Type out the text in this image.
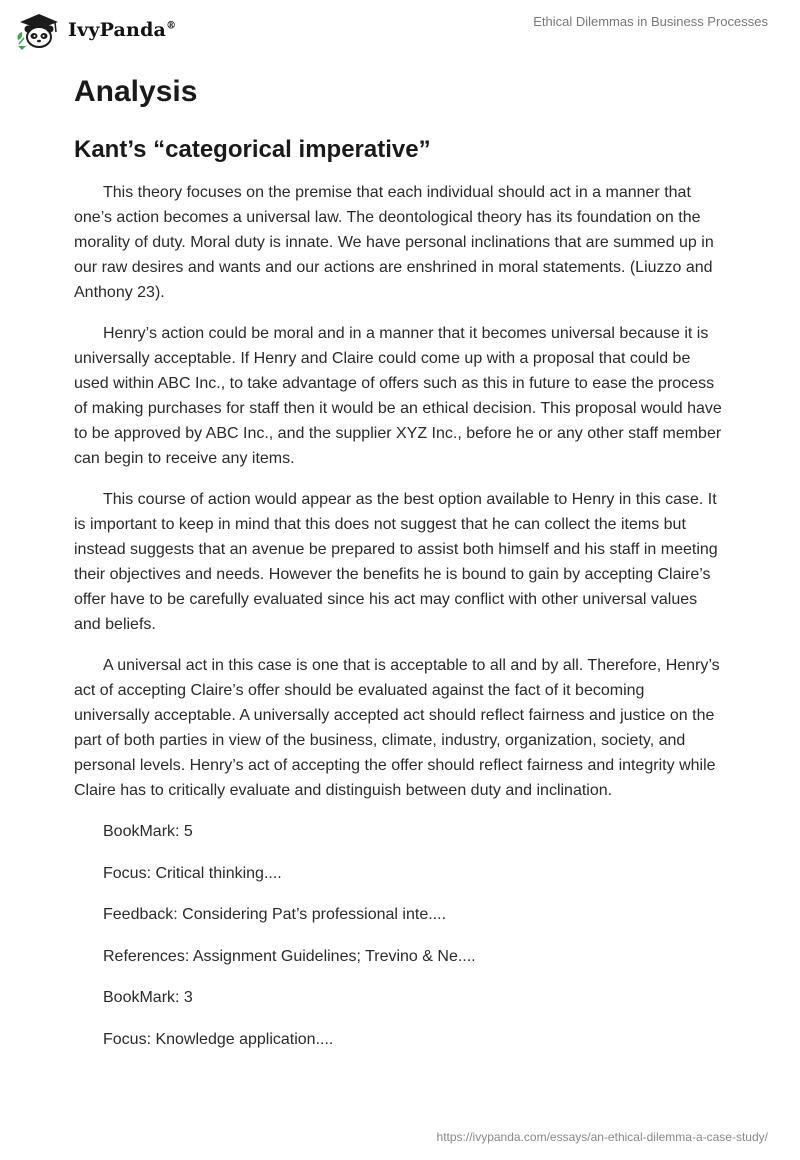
IvyPanda®	Ethical Dilemmas in Business Processes
Analysis
Kant’s “categorical imperative”

This theory focuses on the premise that each individual should act in a manner that one’s action becomes a universal law. The deontological theory has its foundation on the morality of duty. Moral duty is innate. We have personal inclinations that are summed up in our raw desires and wants and our actions are enshrined in moral statements. (Liuzzo and Anthony 23).

Henry’s action could be moral and in a manner that it becomes universal because it is universally acceptable. If Henry and Claire could come up with a proposal that could be used within ABC Inc., to take advantage of offers such as this in future to ease the process of making purchases for staff then it would be an ethical decision. This proposal would have to be approved by ABC Inc., and the supplier XYZ Inc., before he or any other staff member can begin to receive any items.

This course of action would appear as the best option available to Henry in this case. It is important to keep in mind that this does not suggest that he can collect the items but instead suggests that an avenue be prepared to assist both himself and his staff in meeting their objectives and needs. However the benefits he is bound to gain by accepting Claire’s offer have to be carefully evaluated since his act may conflict with other universal values and beliefs.

A universal act in this case is one that is acceptable to all and by all. Therefore, Henry’s act of accepting Claire’s offer should be evaluated against the fact of it becoming universally acceptable. A universally accepted act should reflect fairness and justice on the part of both parties in view of the business, climate, industry, organization, society, and personal levels. Henry’s act of accepting the offer should reflect fairness and integrity while Claire has to critically evaluate and distinguish between duty and inclination.

BookMark: 5
Focus: Critical thinking....
Feedback: Considering Pat’s professional inte....
References: Assignment Guidelines; Trevino & Ne....
BookMark: 3
Focus: Knowledge application....
https://ivypanda.com/essays/an-ethical-dilemma-a-case-study/
